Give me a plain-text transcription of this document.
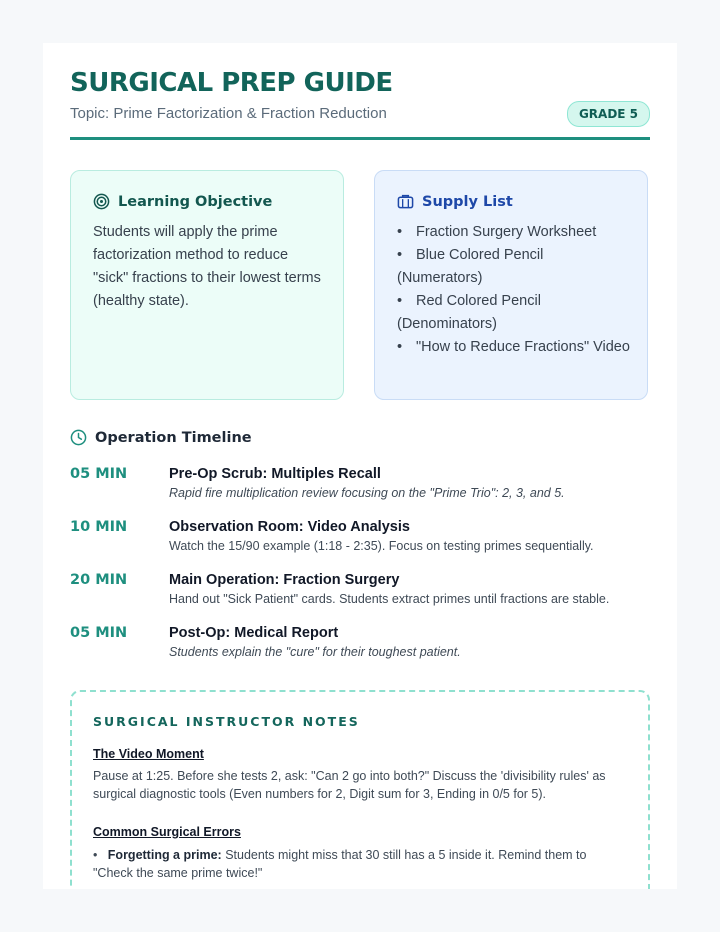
SURGICAL PREP GUIDE
Topic: Prime Factorization & Fraction Reduction	GRADE 5
Learning Objective
Students will apply the prime factorization method to reduce "sick" fractions to their lowest terms (healthy state).
Supply List
• Fraction Surgery Worksheet
• Blue Colored Pencil (Numerators)
• Red Colored Pencil (Denominators)
• "How to Reduce Fractions" Video
Operation Timeline
05 MIN	Pre-Op Scrub: Multiples Recall
Rapid fire multiplication review focusing on the "Prime Trio": 2, 3, and 5.
10 MIN	Observation Room: Video Analysis
Watch the 15/90 example (1:18 - 2:35). Focus on testing primes sequentially.
20 MIN	Main Operation: Fraction Surgery
Hand out "Sick Patient" cards. Students extract primes until fractions are stable.
05 MIN	Post-Op: Medical Report
Students explain the "cure" for their toughest patient.
SURGICAL INSTRUCTOR NOTES
The Video Moment
Pause at 1:25. Before she tests 2, ask: "Can 2 go into both?" Discuss the 'divisibility rules' as surgical diagnostic tools (Even numbers for 2, Digit sum for 3, Ending in 0/5 for 5).
Common Surgical Errors
•   Forgetting a prime: Students might miss that 30 still has a 5 inside it. Remind them to "Check the same prime twice!"
